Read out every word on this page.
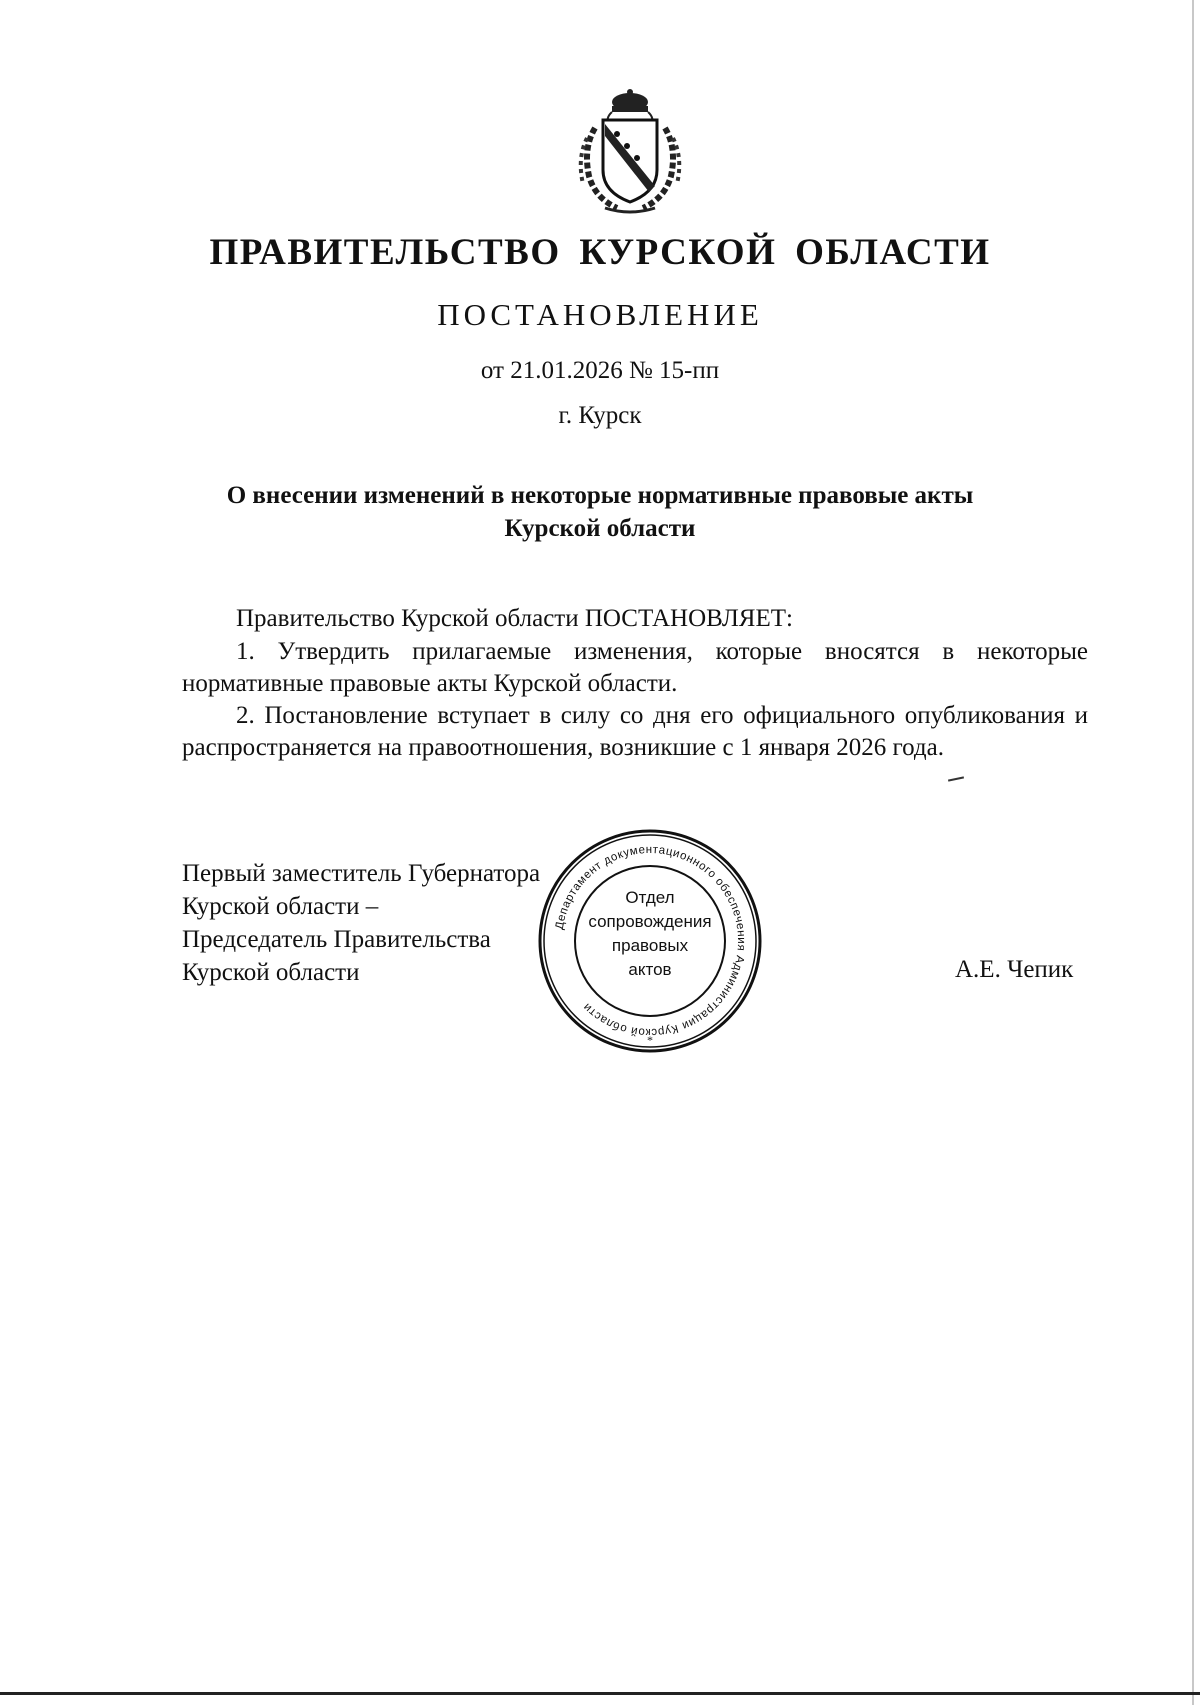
ПРАВИТЕЛЬСТВО КУРСКОЙ ОБЛАСТИ
ПОСТАНОВЛЕНИЕ
от 21.01.2026 № 15-пп
г. Курск
О внесении изменений в некоторые нормативные правовые акты
Курской области

Правительство Курской области ПОСТАНОВЛЯЕТ:

1. Утвердить прилагаемые изменения, которые вносятся в некоторые нормативные правовые акты Курской области.

2. Постановление вступает в силу со дня его официального опубликования и распространяется на правоотношения, возникшие с 1 января 2026 года.

Первый заместитель Губернатора
Курской области –
Председатель Правительства
Курской области	А.Е. Чепик
Департамент документационного обеспечения Администрации Курской области
*
Отдел
сопровождения
правовых
актов
